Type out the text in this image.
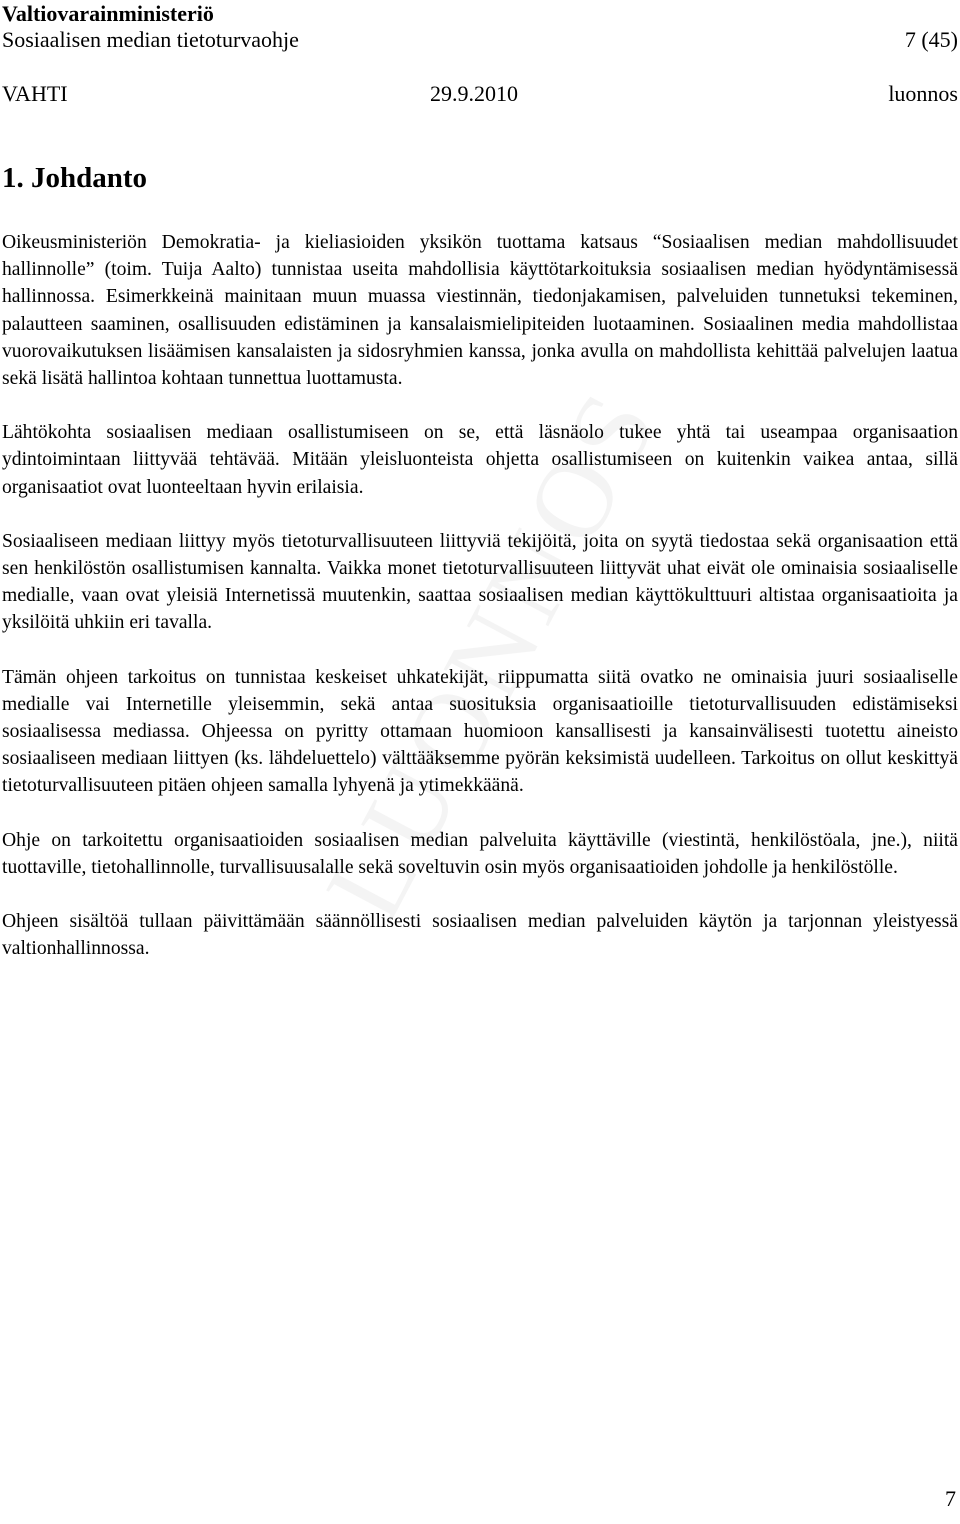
Valtiovarainministeriö
Sosiaalisen median tietoturvaohje	7 (45)
VAHTI	29.9.2010	luonnos
1. Johdanto

Oikeusministeriön Demokratia- ja kieliasioiden yksikön tuottama katsaus “Sosiaalisen median mahdollisuudet hallinnolle” (toim. Tuija Aalto) tunnistaa useita mahdollisia käyttötarkoituksia sosiaalisen median hyödyntämisessä hallinnossa. Esimerkkeinä mainitaan muun muassa viestinnän, tiedonjakamisen, palveluiden tunnetuksi tekeminen, palautteen saaminen, osallisuuden edistäminen ja kansalaismielipiteiden luotaaminen. Sosiaalinen media mahdollistaa vuorovaikutuksen lisäämisen kansalaisten ja sidosryhmien kanssa, jonka avulla on mahdollista kehittää palvelujen laatua sekä lisätä hallintoa kohtaan tunnettua luottamusta.

Lähtökohta sosiaalisen mediaan osallistumiseen on se, että läsnäolo tukee yhtä tai useampaa organisaation ydintoimintaan liittyvää tehtävää. Mitään yleisluonteista ohjetta osallistumiseen on kuitenkin vaikea antaa, sillä organisaatiot ovat luonteeltaan hyvin erilaisia.

Sosiaaliseen mediaan liittyy myös tietoturvallisuuteen liittyviä tekijöitä, joita on syytä tiedostaa sekä organisaation että sen henkilöstön osallistumisen kannalta. Vaikka monet tietoturvallisuuteen liittyvät uhat eivät ole ominaisia sosiaaliselle medialle, vaan ovat yleisiä Internetissä muutenkin, saattaa sosiaalisen median käyttökulttuuri altistaa organisaatioita ja yksilöitä uhkiin eri tavalla.

Tämän ohjeen tarkoitus on tunnistaa keskeiset uhkatekijät, riippumatta siitä ovatko ne ominaisia juuri sosiaaliselle medialle vai Internetille yleisemmin, sekä antaa suosituksia organisaatioille tietoturvallisuuden edistämiseksi sosiaalisessa mediassa. Ohjeessa on pyritty ottamaan huomioon kansallisesti ja kansainvälisesti tuotettu aineisto sosiaaliseen mediaan liittyen (ks. lähdeluettelo) välttääksemme pyörän keksimistä uudelleen. Tarkoitus on ollut keskittyä tietoturvallisuuteen pitäen ohjeen samalla lyhyenä ja ytimekkäänä.

Ohje on tarkoitettu organisaatioiden sosiaalisen median palveluita käyttäville (viestintä, henkilöstöala, jne.), niitä tuottaville, tietohallinnolle, turvallisuusalalle sekä soveltuvin osin myös organisaatioiden johdolle ja henkilöstölle.

Ohjeen sisältöä tullaan päivittämään säännöllisesti sosiaalisen median palveluiden käytön ja tarjonnan yleistyessä valtionhallinnossa.

7
